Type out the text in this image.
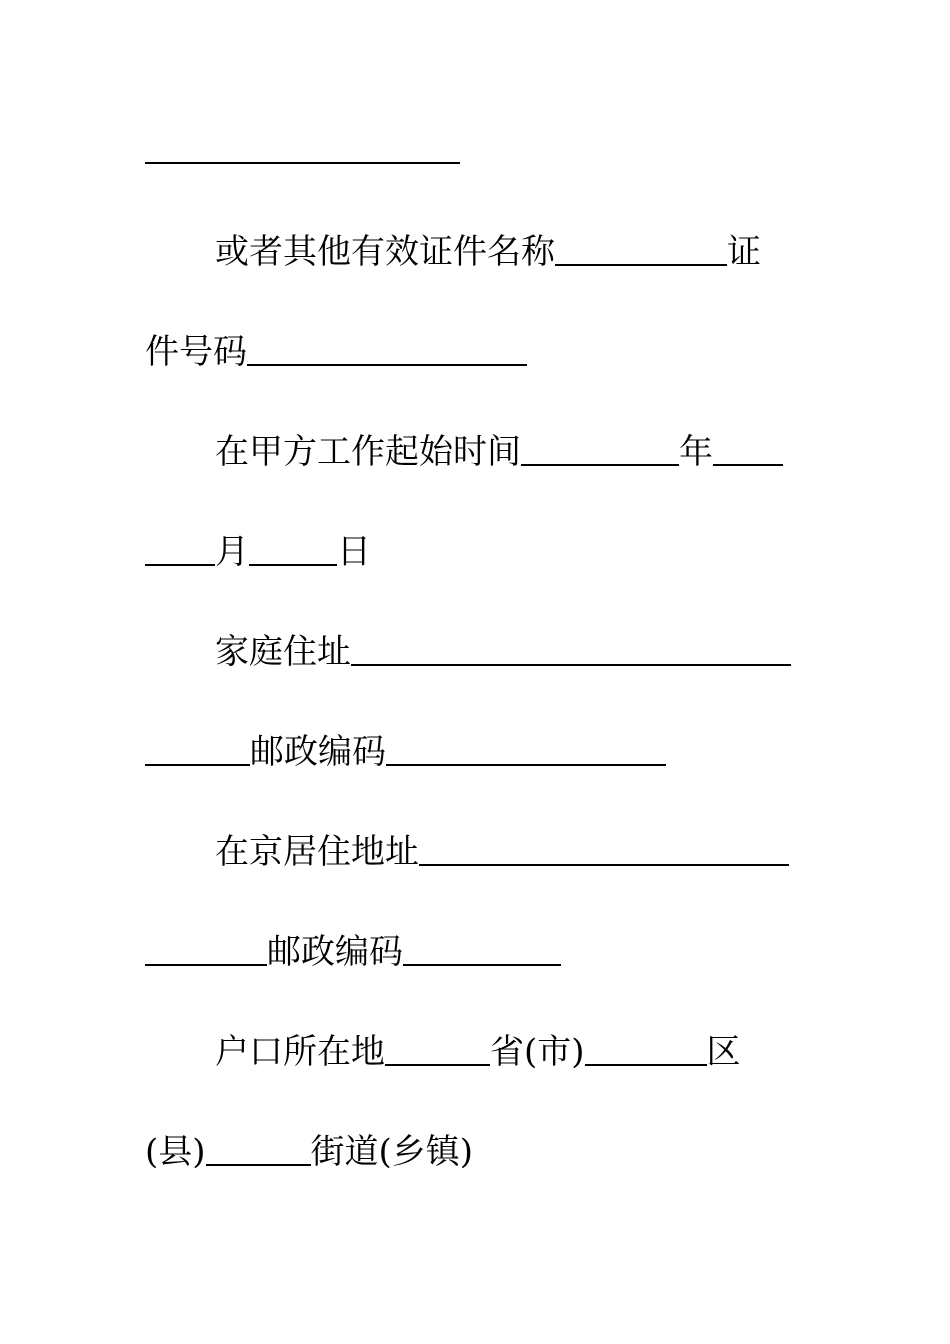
或者其他有效证件名称	证
件号码
在甲方工作起始时间	年
月	日
家庭住址
邮政编码
在京居住地址
邮政编码
户口所在地	省(市)	区
(县)	街道(乡镇)
